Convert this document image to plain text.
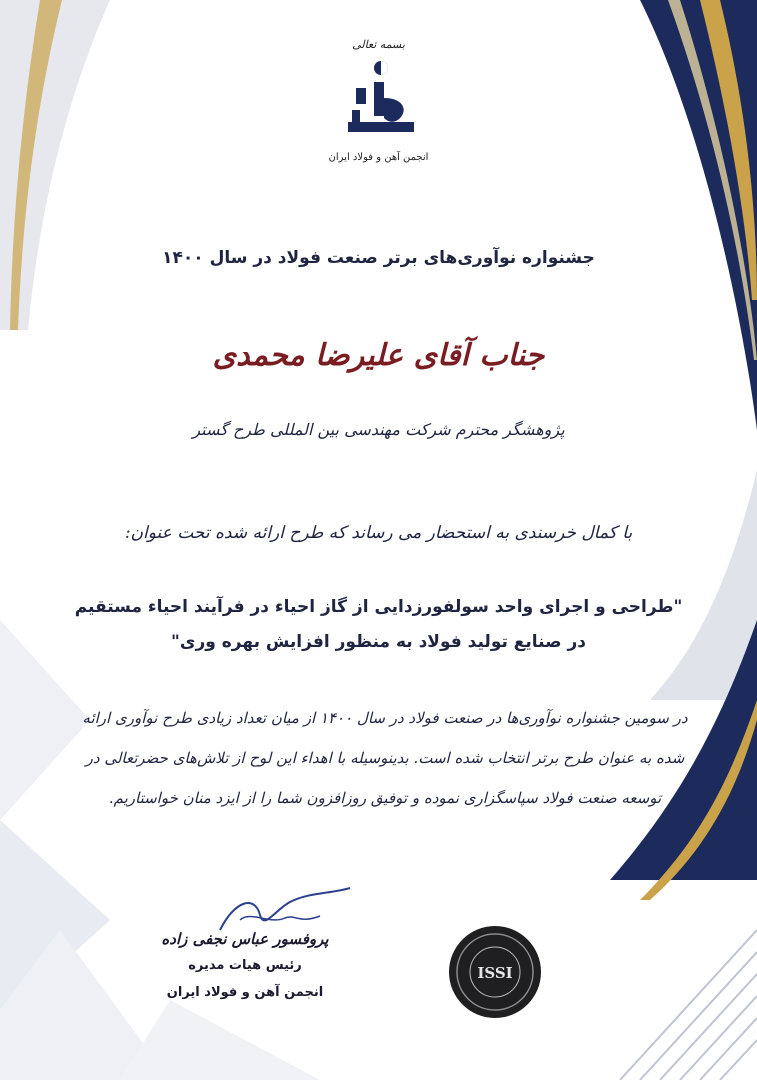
بسمه تعالی
انجمن آهن و فولاد ایران
جشنواره نوآوری‌های برتر صنعت فولاد در سال ۱۴۰۰
جناب آقای علیرضا محمدی
پژوهشگر محترم شرکت مهندسی بین المللی طرح گستر
با کمال خرسندی به استحضار می رساند که طرح ارائه شده تحت عنوان:
"طراحی و اجرای واحد سولفورزدایی از گاز احیاء در فرآیند احیاء مستقیم
در صنایع تولید فولاد به منظور افزایش بهره وری"
در سومین جشنواره نوآوری‌ها در صنعت فولاد در سال ۱۴۰۰ از میان تعداد زیادی طرح نوآوری ارائه شده به عنوان طرح برتر انتخاب شده است. بدینوسیله با اهداء این لوح از تلاش‌های حضرتعالی در توسعه صنعت فولاد سپاسگزاری نموده و توفیق روزافزون شما را از ایزد منان خواستاریم.
پروفسور عباس نجفی زاده
رئیس هیات مدیره
انجمن آهن و فولاد ایران
ISSI
